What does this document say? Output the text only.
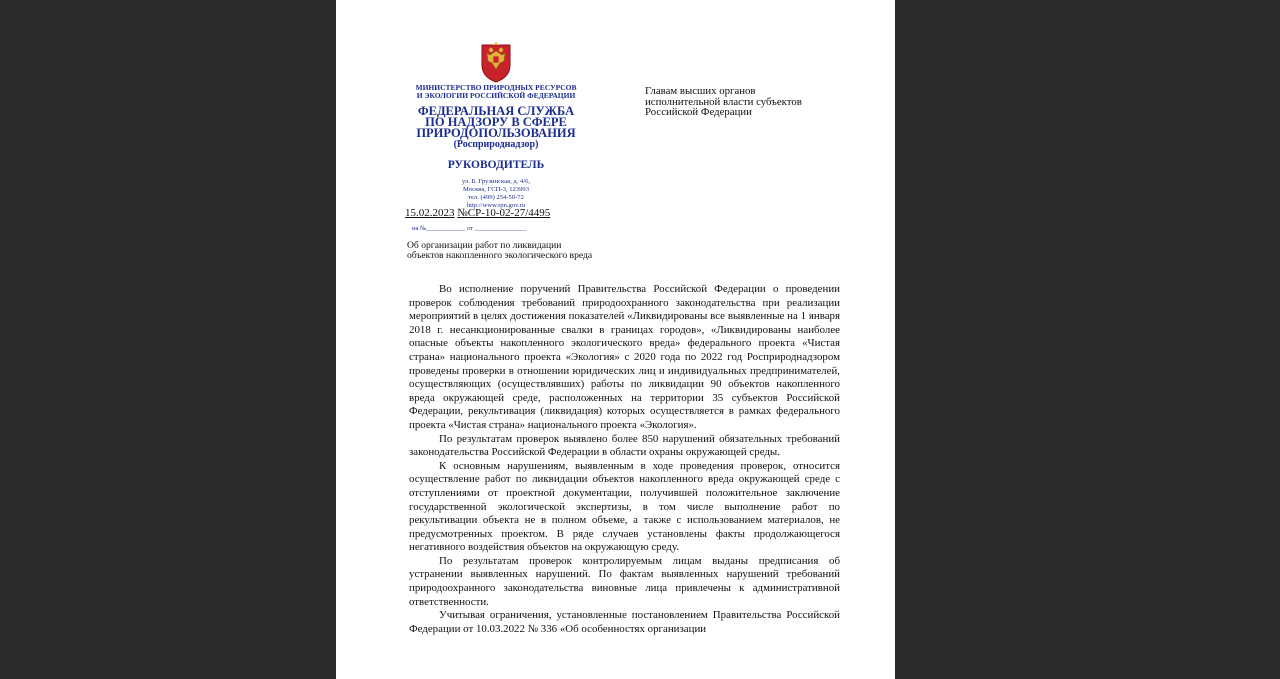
МИНИСТЕРСТВО ПРИРОДНЫХ РЕСУРСОВ
И ЭКОЛОГИИ РОССИЙСКОЙ ФЕДЕРАЦИИ
ФЕДЕРАЛЬНАЯ СЛУЖБА
ПО НАДЗОРУ В СФЕРЕ
ПРИРОДОПОЛЬЗОВАНИЯ
(Росприроднадзор)
РУКОВОДИТЕЛЬ
ул. Б. Грузинская, д. 4/6,
Москва, ГСП-3, 123993
тел. (499) 254-50-72
http://www.rpn.gov.ru
Главам высших органов
исполнительной власти субъектов
Российской Федерации
15.02.2023 №СР-10-02-27/4495
на №____________ от ________________
Об организации работ по ликвидации объектов накопленного экологического вреда

Во исполнение поручений Правительства Российской Федерации о проведении проверок соблюдения требований природоохранного законодательства при реализации мероприятий в целях достижения показателей «Ликвидированы все выявленные на 1 января 2018 г. несанкционированные свалки в границах городов», «Ликвидированы наиболее опасные объекты накопленного экологического вреда» федерального проекта «Чистая страна» национального проекта «Экология» с 2020 года по 2022 год Росприроднадзором проведены проверки в отношении юридических лиц и индивидуальных предпринимателей, осуществляющих (осуществлявших) работы по ликвидации 90 объектов накопленного вреда окружающей среде, расположенных на территории 35 субъектов Российской Федерации, рекультивация (ликвидация) которых осуществляется в рамках федерального проекта «Чистая страна» национального проекта «Экология».

По результатам проверок выявлено более 850 нарушений обязательных требований законодательства Российской Федерации в области охраны окружающей среды.

К основным нарушениям, выявленным в ходе проведения проверок, относится осуществление работ по ликвидации объектов накопленного вреда окружающей среде с отступлениями от проектной документации, получившей положительное заключение государственной экологической экспертизы, в том числе выполнение работ по рекультивации объекта не в полном объеме, а также с использованием материалов, не предусмотренных проектом. В ряде случаев установлены факты продолжающегося негативного воздействия объектов на окружающую среду.

По результатам проверок контролируемым лицам выданы предписания об устранении выявленных нарушений. По фактам выявленных нарушений требований природоохранного законодательства виновные лица привлечены к административной ответственности.

Учитывая ограничения, установленные постановлением Правительства Российской Федерации от 10.03.2022 № 336 «Об особенностях организации
